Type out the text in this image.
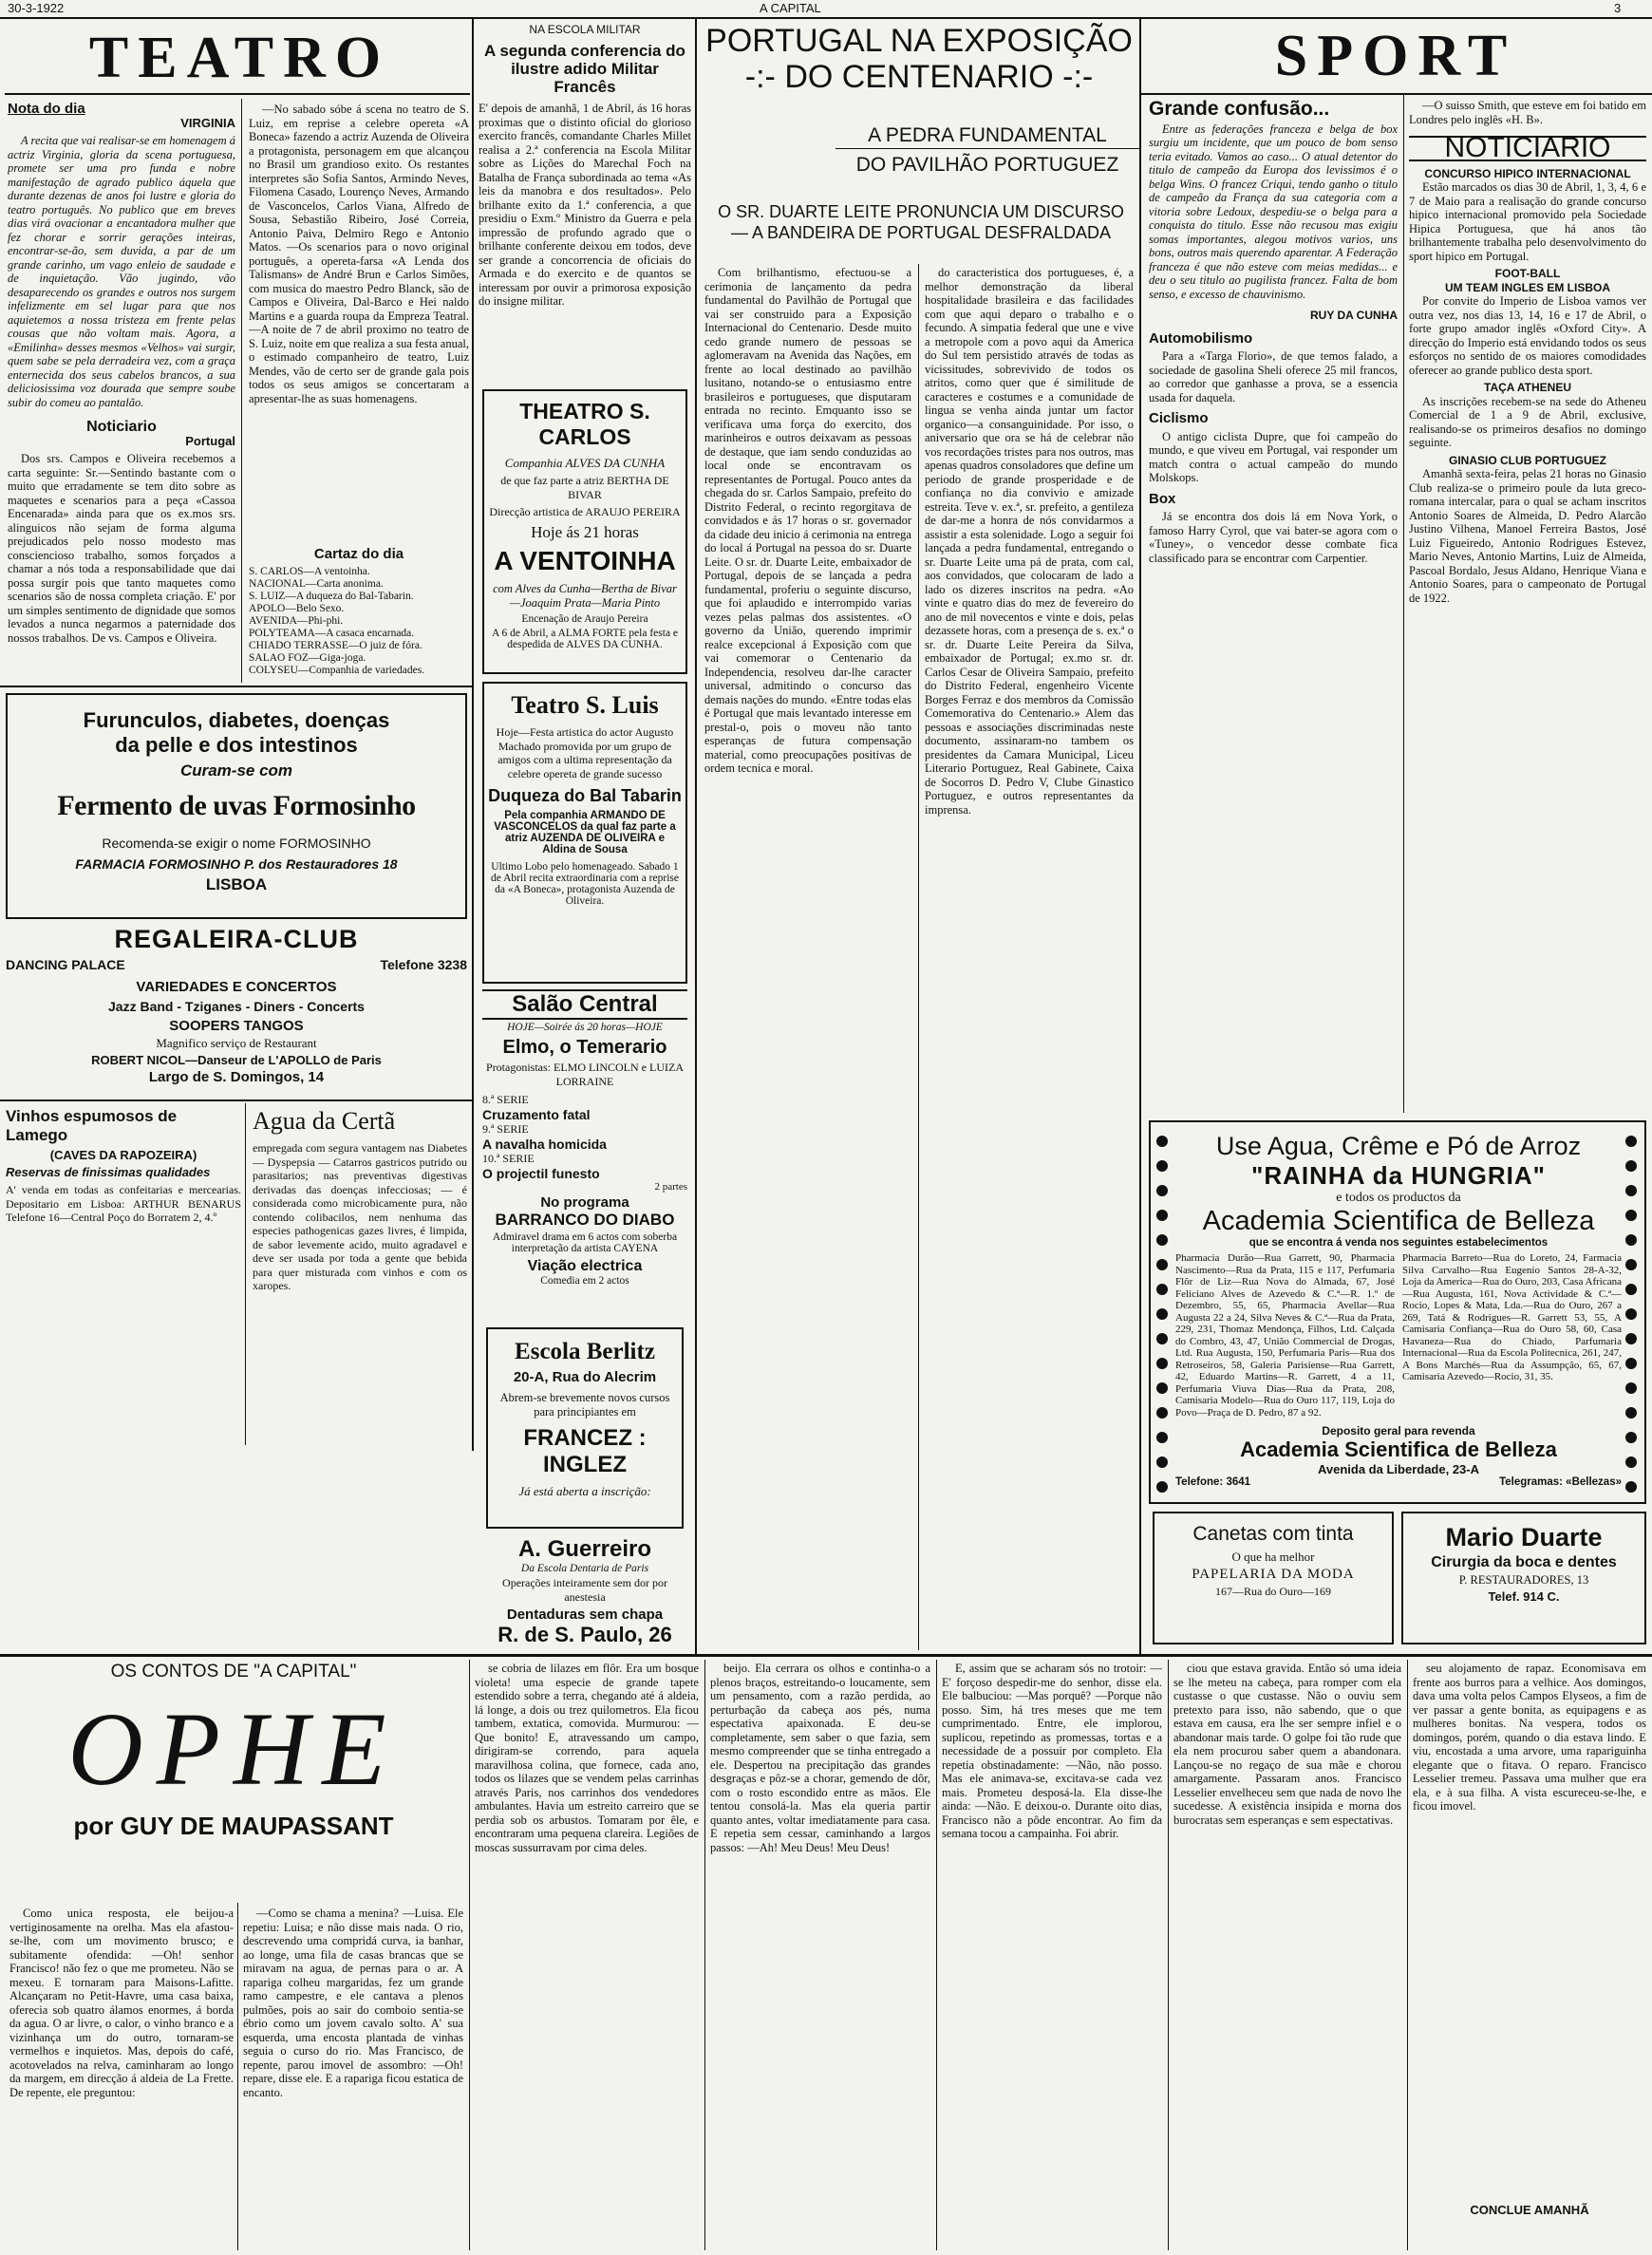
30-3-1922	A CAPITAL	3
TEATRO
Nota do dia
VIRGINIA

A recita que vai realisar-se em homenagem á actriz Virginia, gloria da scena portuguesa, promete ser uma pro funda e nobre manifestação de agrado publico áquela que durante dezenas de anos foi lustre e gloria do teatro português. No publico que em breves dias virá ovacionar a encantadora mulher que fez chorar e sorrir gerações inteiras, encontrar-se-ão, sem duvida, a par de um grande carinho, um vago enleio de saudade e de inquietação. Vão jugindo, vão desaparecendo os grandes e outros nos surgem infelizmente em sel lugar para que nos aquietemos a nossa tristeza em frente pelas cousas que não voltam mais. Agora, a «Emilinha» desses mesmos «Velhos» vai surgir, quem sabe se pela derradeira vez, com a graça enternecida dos seus cabelos brancos, a sua deliciosissima voz dourada que sempre soube subir do comeu ao pantalão.

Noticiario
Portugal

Dos srs. Campos e Oliveira recebemos a carta seguinte: Sr.—Sentindo bastante com o muito que erradamente se tem dito sobre as maquetes e scenarios para a peça «Cassoa Encenarada» ainda para que os ex.mos srs. alinguicos não sejam de forma alguma prejudicados pelo nosso modesto mas consciencioso trabalho, somos forçados a chamar a nós toda a responsabilidade que dai possa surgir pois que tanto maquetes como scenarios são de nossa completa criação. E' por um simples sentimento de dignidade que somos levados a nunca negarmos a paternidade dos nossos trabalhos. De vs. Campos e Oliveira.

—No sabado sóbe á scena no teatro de S. Luiz, em reprise a celebre opereta «A Boneca» fazendo a actriz Auzenda de Oliveira a protagonista, personagem em que alcançou no Brasil um grandioso exito. Os restantes interpretes são Sofia Santos, Armindo Neves, Filomena Casado, Lourenço Neves, Armando de Vasconcelos, Carlos Viana, Alfredo de Sousa, Sebastião Ribeiro, José Correia, Antonio Paiva, Delmiro Rego e Antonio Matos. —Os scenarios para o novo original português, a opereta-farsa «A Lenda dos Talismans» de André Brun e Carlos Simões, com musica do maestro Pedro Blanck, são de Campos e Oliveira, Dal-Barco e Hei naldo Martins e a guarda roupa da Empreza Teatral. —A noite de 7 de abril proximo no teatro de S. Luiz, noite em que realiza a sua festa anual, o estimado companheiro de teatro, Luiz Mendes, vão de certo ser de grande gala pois todos os seus amigos se concertaram a apresentar-lhe as suas homenagens.

Cartaz do dia
S. CARLOS—A ventoinha.
NACIONAL—Carta anonima.
S. LUIZ—A duqueza do Bal-Tabarin.
APOLO—Belo Sexo.
AVENIDA—Phi-phi.
POLYTEAMA—A casaca encarnada.
CHIADO TERRASSE—O juiz de fóra.
SALAO FOZ—Giga-joga.
COLYSEU—Companhia de variedades.
Furunculos, diabetes, doenças
da pelle e dos intestinos
Curam-se com
Fermento de uvas Formosinho
Recomenda-se exigir o nome FORMOSINHO
FARMACIA FORMOSINHO P. dos Restauradores 18
LISBOA
REGALEIRA-CLUB
DANCING PALACE	Telefone 3238
VARIEDADES E CONCERTOS
Jazz Band - Tziganes - Diners - Concerts
SOOPERS TANGOS
Magnifico serviço de Restaurant
ROBERT NICOL—Danseur de L'APOLLO de Paris
Largo de S. Domingos, 14
Vinhos espumosos de Lamego
(CAVES DA RAPOZEIRA)
Reservas de finissimas qualidades
A' venda em todas as confeitarias e mercearias. Depositario em Lisboa: ARTHUR BENARUS Telefone 16—Central Poço do Borratem 2, 4.º
Agua da Certã
empregada com segura vantagem nas Diabetes — Dyspepsia — Catarros gastricos putrido ou parasitarios; nas preventivas digestivas derivadas das doenças infecciosas; — é considerada como microbicamente pura, não contendo colibacilos, nem nenhuma das especies pathogenicas gazes livres, é limpida, de sabor levemente acido, muito agradavel e deve ser usada por toda a gente que bebida para quer misturada com vinhos e com os xaropes.
NA ESCOLA MILITAR
A segunda conferencia do ilustre adido Militar Francês
E' depois de amanhã, 1 de Abril, ás 16 horas proximas que o distinto oficial do glorioso exercito francês, comandante Charles Millet realisa a 2.ª conferencia na Escola Militar sobre as Lições do Marechal Foch na Batalha de França subordinada ao tema «As leis da manobra e dos resultados». Pelo brilhante exito da 1.ª conferencia, a que presidiu o Exm.º Ministro da Guerra e pela impressão de profundo agrado que o brilhante conferente deixou em todos, deve ser grande a concorrencia de oficiais do Armada e do exercito e de quantos se interessam por ouvir a primorosa exposição do insigne militar.
THEATRO S. CARLOS
Companhia ALVES DA CUNHA
de que faz parte a atriz BERTHA DE BIVAR
Direcção artistica de ARAUJO PEREIRA
Hoje ás 21 horas
A VENTOINHA
com Alves da Cunha—Bertha de Bivar—Joaquim Prata—Maria Pinto
Encenação de Araujo Pereira
A 6 de Abril, a ALMA FORTE pela festa e despedida de ALVES DA CUNHA.
Teatro S. Luis
Hoje—Festa artistica do actor Augusto Machado promovida por um grupo de amigos com a ultima representação da celebre opereta de grande sucesso
Duqueza do Bal Tabarin
Pela companhia ARMANDO DE VASCONCELOS da qual faz parte a atriz AUZENDA DE OLIVEIRA e Aldina de Sousa
Ultimo Lobo pelo homenageado. Sabado 1 de Abril recita extraordinaria com a reprise da «A Boneca», protagonista Auzenda de Oliveira.
Salão Central
HOJE—Soirée ás 20 horas—HOJE
Elmo, o Temerario
Protagonistas: ELMO LINCOLN e LUIZA LORRAINE
8.ª SERIE
Cruzamento fatal
9.ª SERIE
A navalha homicida
10.ª SERIE
O projectil funesto
2 partes
No programa
BARRANCO DO DIABO
Admiravel drama em 6 actos com soberba interpretação da artista CAYENA
Viação electrica
Comedia em 2 actos
Escola Berlitz
20-A, Rua do Alecrim
Abrem-se brevemente novos cursos para principiantes em
FRANCEZ : INGLEZ
Já está aberta a inscrição:
A. Guerreiro
Da Escola Dentaria de Paris
Operações inteiramente sem dor por anestesia
Dentaduras sem chapa
R. de S. Paulo, 26
PORTUGAL NA EXPOSIÇÃO
-:- DO CENTENARIO -:-
A PEDRA FUNDAMENTAL
DO PAVILHÃO PORTUGUEZ
O SR. DUARTE LEITE PRONUNCIA UM DISCURSO — A BANDEIRA DE PORTUGAL DESFRALDADA

Com brilhantismo, efectuou-se a cerimonia de lançamento da pedra fundamental do Pavilhão de Portugal que vai ser construido para a Exposição Internacional do Centenario. Desde muito cedo grande numero de pessoas se aglomeravam na Avenida das Nações, em frente ao local destinado ao pavilhão lusitano, notando-se o entusiasmo entre brasileiros e portugueses, que disputaram entrada no recinto. Emquanto isso se verificava uma força do exercito, dos marinheiros e outros deixavam as pessoas de destaque, que iam sendo conduzidas ao local onde se encontravam os representantes de Portugal. Pouco antes da chegada do sr. Carlos Sampaio, prefeito do Distrito Federal, o recinto regorgitava de convidados e ás 17 horas o sr. governador da cidade deu inicio á cerimonia na entrega do local á Portugal na pessoa do sr. Duarte Leite. O sr. dr. Duarte Leite, embaixador de Portugal, depois de se lançada a pedra fundamental, proferiu o seguinte discurso, que foi aplaudido e interrompido varias vezes pelas palmas dos assistentes. «O governo da União, querendo imprimir realce excepcional á Exposição com que vai comemorar o Centenario da Independencia, resolveu dar-lhe caracter universal, admitindo o concurso das demais nações do mundo. «Entre todas elas é Portugal que mais levantado interesse em prestal-o, pois o moveu não tanto esperanças de futura compensação material, como preocupações positivas de ordem tecnica e moral.

do caracteristica dos portugueses, é, a melhor demonstração da liberal hospitalidade brasileira e das facilidades com que aqui deparo o trabalho e o fecundo. A simpatia federal que une e vive a metropole com a povo aqui da America do Sul tem persistido através de todas as vicissitudes, sobrevivido de todos os atritos, como quer que é similitude de caracteres e costumes e a comunidade de lingua se venha ainda juntar um factor organico—a consanguinidade. Por isso, o aniversario que ora se há de celebrar não vos recordações tristes para nos outros, mas apenas quadros consoladores que define um periodo de grande prosperidade e de confiança no dia convivio e amizade estreita. Teve v. ex.ª, sr. prefeito, a gentileza de dar-me a honra de nós convidarmos a assistir a esta solenidade. Logo a seguir foi lançada a pedra fundamental, entregando o sr. Duarte Leite uma pá de prata, com cal, aos convidados, que colocaram de lado a lado os dizeres inscritos na pedra. «Ao vinte e quatro dias do mez de fevereiro do ano de mil novecentos e vinte e dois, pelas dezassete horas, com a presença de s. ex.ª o sr. dr. Duarte Leite Pereira da Silva, embaixador de Portugal; ex.mo sr. dr. Carlos Cesar de Oliveira Sampaio, prefeito do Distrito Federal, engenheiro Vicente Borges Ferraz e dos membros da Comissão Comemorativa do Centenario.» Alem das pessoas e associações discriminadas neste documento, assinaram-no tambem os presidentes da Camara Municipal, Liceu Literario Portuguez, Real Gabinete, Caixa de Socorros D. Pedro V, Clube Ginastico Portuguez, e outros representantes da imprensa.

SPORT
Grande confusão...

Entre as federações franceza e belga de box surgiu um incidente, que um pouco de bom senso teria evitado. Vamos ao caso... O atual detentor do titulo de campeão da Europa dos levissimos é o belga Wins. O francez Criqui, tendo ganho o titulo de campeão da França da sua categoria com a vitoria sobre Ledoux, despediu-se o belga para a conquista do titulo. Esse não recusou mas exigiu somas importantes, alegou motivos varios, uns bons, outros mais querendo aparentar. A Federação franceza é que não esteve com meias medidas... e deu o seu titulo ao pugilista francez. Falta de bom senso, e excesso de chauvinismo.

RUY DA CUNHA
Automobilismo

Para a «Targa Florio», de que temos falado, a sociedade de gasolina Sheli oferece 25 mil francos, ao corredor que ganhasse a prova, se a essencia usada for daquela.

Ciclismo

O antigo ciclista Dupre, que foi campeão do mundo, e que viveu em Portugal, vai responder um match contra o actual campeão do mundo Molskops.

Box

Já se encontra dos dois lá em Nova York, o famoso Harry Cyrol, que vai bater-se agora com o «Tuney», o vencedor desse combate fica classificado para se encontrar com Carpentier.

—O suisso Smith, que esteve em foi batido em Londres pelo inglês «H. B».

NOTICIARIO
CONCURSO HIPICO INTERNACIONAL

Estão marcados os dias 30 de Abril, 1, 3, 4, 6 e 7 de Maio para a realisação do grande concurso hipico internacional promovido pela Sociedade Hipica Portuguesa, que há anos tão brilhantemente trabalha pelo desenvolvimento do sport hipico em Portugal.

FOOT-BALL
UM TEAM INGLES EM LISBOA

Por convite do Imperio de Lisboa vamos ver outra vez, nos dias 13, 14, 16 e 17 de Abril, o forte grupo amador inglês «Oxford City». A direcção do Imperio está envidando todos os seus esforços no sentido de os maiores comodidades oferecer ao grande publico desta sport.

TAÇA ATHENEU

As inscrições recebem-se na sede do Atheneu Comercial de 1 a 9 de Abril, exclusive, realisando-se os primeiros desafios no domingo seguinte.

GINASIO CLUB PORTUGUEZ

Amanhã sexta-feira, pelas 21 horas no Ginasio Club realiza-se o primeiro poule da luta greco-romana intercalar, para o qual se acham inscritos Antonio Soares de Almeida, D. Pedro Alarcão Justino Vilhena, Manoel Ferreira Bastos, José Luiz Figueiredo, Antonio Rodrigues Estevez, Mario Neves, Antonio Martins, Luiz de Almeida, Pascoal Bordalo, Jesus Aldano, Henrique Viana e Antonio Soares, para o campeonato de Portugal de 1922.

Use Agua, Crême e Pó de Arroz
"RAINHA da HUNGRIA"
e todos os productos da
Academia Scientifica de Belleza
que se encontra á venda nos seguintes estabelecimentos
Pharmacia Durão—Rua Garrett, 90, Pharmacia Nascimento—Rua da Prata, 115 e 117, Perfumaria Flôr de Liz—Rua Nova do Almada, 67, José Feliciano Alves de Azevedo & C.ª—R. 1.º de Dezembro, 55, 65, Pharmacia Avellar—Rua Augusta 22 a 24, Silva Neves & C.ª—Rua da Prata, 229, 231, Thomaz Mendonça, Filhos, Ltd. Calçada do Combro, 43, 47, União Commercial de Drogas, Ltd. Rua Augusta, 150, Perfumaria Paris—Rua dos Retroseiros, 58, Galeria Parisiense—Rua Garrett, 42, Eduardo Martins—R. Garrett, 4 a 11, Perfumaria Viuva Dias—Rua da Prata, 208, Camisaria Modelo—Rua do Ouro 117, 119, Loja do Povo—Praça de D. Pedro, 87 a 92.
Pharmacia Barreto—Rua do Loreto, 24, Farmacia Silva Carvalho—Rua Eugenio Santos 28-A-32, Loja da America—Rua do Ouro, 203, Casa Africana—Rua Augusta, 161, Nova Actividade & C.ª—Rocio, Lopes & Mata, Lda.—Rua do Ouro, 267 a 269, Tatá & Rodrigues—R. Garrett 53, 55, A Camisaria Confiança—Rua do Ouro 58, 60, Casa Havaneza—Rua do Chiado, Parfumaria Internacional—Rua da Escola Politecnica, 261, 247, A Bons Marchés—Rua da Assumpção, 65, 67, Camisaria Azevedo—Rocio, 31, 35.
Deposito geral para revenda
Academia Scientifica de Belleza
Avenida da Liberdade, 23-A
Telefone: 3641	Telegramas: «Bellezas»
Canetas com tinta
O que ha melhor
PAPELARIA DA MODA
167—Rua do Ouro—169
Mario Duarte
Cirurgia da boca e dentes
P. RESTAURADORES, 13
Telef. 914 C.
OS CONTOS DE "A CAPITAL"
OPHE
por GUY DE MAUPASSANT

Como unica resposta, ele beijou-a vertiginosamente na orelha. Mas ela afastou-se-lhe, com um movimento brusco; e subitamente ofendida: —Oh! senhor Francisco! não fez o que me prometeu. Não se mexeu. E tornaram para Maisons-Lafitte. Alcançaram no Petit-Havre, uma casa baixa, oferecia sob quatro álamos enormes, á borda da agua. O ar livre, o calor, o vinho branco e a vizinhança um do outro, tornaram-se vermelhos e inquietos. Mas, depois do café, acotovelados na relva, caminharam ao longo da margem, em direcção á aldeia de La Frette. De repente, ele preguntou:

—Como se chama a menina? —Luisa. Ele repetiu: Luisa; e não disse mais nada. O rio, descrevendo uma compridá curva, ia banhar, ao longe, uma fila de casas brancas que se miravam na agua, de pernas para o ar. A rapariga colheu margaridas, fez um grande ramo campestre, e ele cantava a plenos pulmões, pois ao sair do comboio sentia-se ébrio como um jovem cavalo solto. A' sua esquerda, uma encosta plantada de vinhas seguia o curso do rio. Mas Francisco, de repente, parou imovel de assombro: —Oh! repare, disse ele. E a rapariga ficou estatica de encanto.

se cobria de lilazes em flôr. Era um bosque violeta! uma especie de grande tapete estendido sobre a terra, chegando até á aldeia, lá longe, a dois ou trez quilometros. Ela ficou tambem, extatica, comovida. Murmurou: —Que bonito! E, atravessando um campo, dirigiram-se correndo, para aquela maravilhosa colina, que fornece, cada ano, todos os lilazes que se vendem pelas carrinhas através Paris, nos carrinhos dos vendedores ambulantes. Havia um estreito carreiro que se perdia sob os arbustos. Tomaram por êle, e encontraram uma pequena clareira. Legiões de moscas sussurravam por cima deles.

beijo. Ela cerrara os olhos e continha-o a plenos braços, estreitando-o loucamente, sem um pensamento, com a razão perdida, ao perturbação da cabeça aos pés, numa espectativa apaixonada. E deu-se completamente, sem saber o que fazia, sem mesmo compreender que se tinha entregado a ele. Despertou na precipitação das grandes desgraças e pôz-se a chorar, gemendo de dôr, com o rosto escondido entre as mãos. Ele tentou consolá-la. Mas ela queria partir quanto antes, voltar imediatamente para casa. E repetia sem cessar, caminhando a largos passos: —Ah! Meu Deus! Meu Deus!

E, assim que se acharam sós no trotoir: —E' forçoso despedir-me do senhor, disse ela. Ele balbuciou: —Mas porquê? —Porque não posso. Sim, há tres meses que me tem cumprimentado. Entre, ele implorou, suplicou, repetindo as promessas, tortas e a necessidade de a possuir por completo. Ela repetia obstinadamente: —Não, não posso. Mas ele animava-se, excitava-se cada vez mais. Prometeu desposá-la. Ela disse-lhe ainda: —Não. E deixou-o. Durante oito dias, Francisco não a pôde encontrar. Ao fim da semana tocou a campainha. Foi abrir.

ciou que estava gravida. Então só uma ideia se lhe meteu na cabeça, para romper com ela custasse o que custasse. Não o ouviu sem pretexto para isso, não sabendo, que o que estava em causa, era lhe ser sempre infiel e o abandonar mais tarde. O golpe foi tão rude que ela nem procurou saber quem a abandonara. Lançou-se no regaço de sua mãe e chorou amargamente. Passaram anos. Francisco Lesselier envelheceu sem que nada de novo lhe sucedesse. A existência insipida e morna dos burocratas sem esperanças e sem espectativas.

seu alojamento de rapaz. Economisava em frente aos burros para a velhice. Aos domingos, dava uma volta pelos Campos Elyseos, a fim de ver passar a gente bonita, as equipagens e as mulheres bonitas. Na vespera, todos os domingos, porém, quando o dia estava lindo. E viu, encostada a uma arvore, uma rapariguinha elegante que o fitava. O reparo. Francisco Lesselier tremeu. Passava uma mulher que era ela, e à sua filha. A vista escureceu-se-lhe, e ficou imovel.

CONCLUE AMANHÃ
